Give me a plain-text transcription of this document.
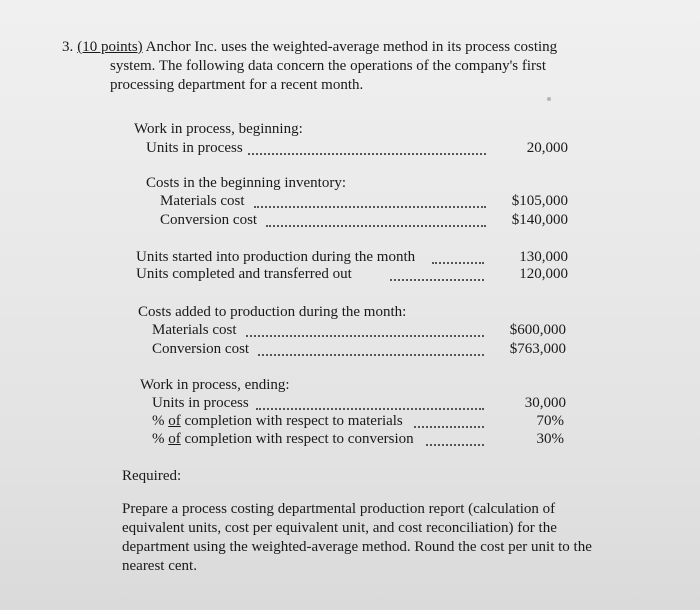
3. (10 points) Anchor Inc. uses the weighted-average method in its process costing
system. The following data concern the operations of the company's first
processing department for a recent month.
Work in process, beginning:
Units in process	20,000
Costs in the beginning inventory:
Materials cost	$105,000
Conversion cost	$140,000
Units started into production during the month	130,000
Units completed and transferred out	120,000
Costs added to production during the month:
Materials cost	$600,000
Conversion cost	$763,000
Work in process, ending:
Units in process	30,000
% of completion with respect to materials	70%
% of completion with respect to conversion	30%
Required:
Prepare a process costing departmental production report (calculation of
equivalent units, cost per equivalent unit, and cost reconciliation) for the
department using the weighted-average method. Round the cost per unit to the
nearest cent.
